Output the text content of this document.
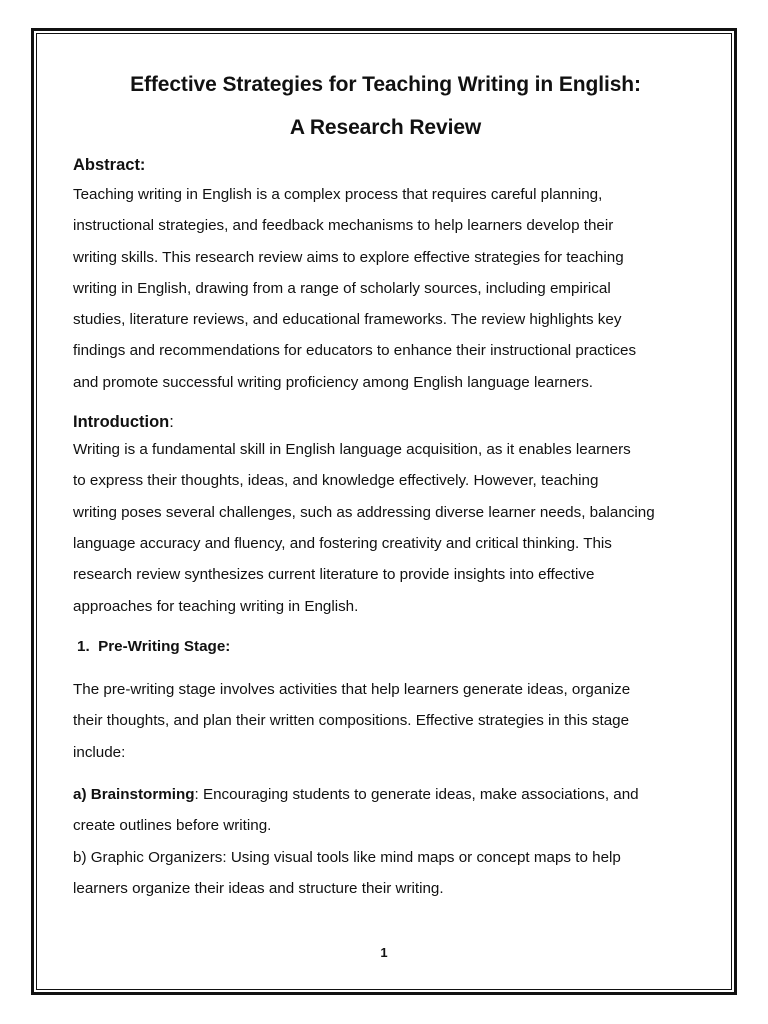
Effective Strategies for Teaching Writing in English:
A Research Review
Abstract:
Teaching writing in English is a complex process that requires careful planning,
instructional strategies, and feedback mechanisms to help learners develop their
writing skills. This research review aims to explore effective strategies for teaching
writing in English, drawing from a range of scholarly sources, including empirical
studies, literature reviews, and educational frameworks. The review highlights key
findings and recommendations for educators to enhance their instructional practices
and promote successful writing proficiency among English language learners.
Introduction:
Writing is a fundamental skill in English language acquisition, as it enables learners
to express their thoughts, ideas, and knowledge effectively. However, teaching
writing poses several challenges, such as addressing diverse learner needs, balancing
language accuracy and fluency, and fostering creativity and critical thinking. This
research review synthesizes current literature to provide insights into effective
approaches for teaching writing in English.
1. Pre-Writing Stage:
The pre-writing stage involves activities that help learners generate ideas, organize
their thoughts, and plan their written compositions. Effective strategies in this stage
include:
a) Brainstorming: Encouraging students to generate ideas, make associations, and
create outlines before writing.
b) Graphic Organizers: Using visual tools like mind maps or concept maps to help
learners organize their ideas and structure their writing.
1
